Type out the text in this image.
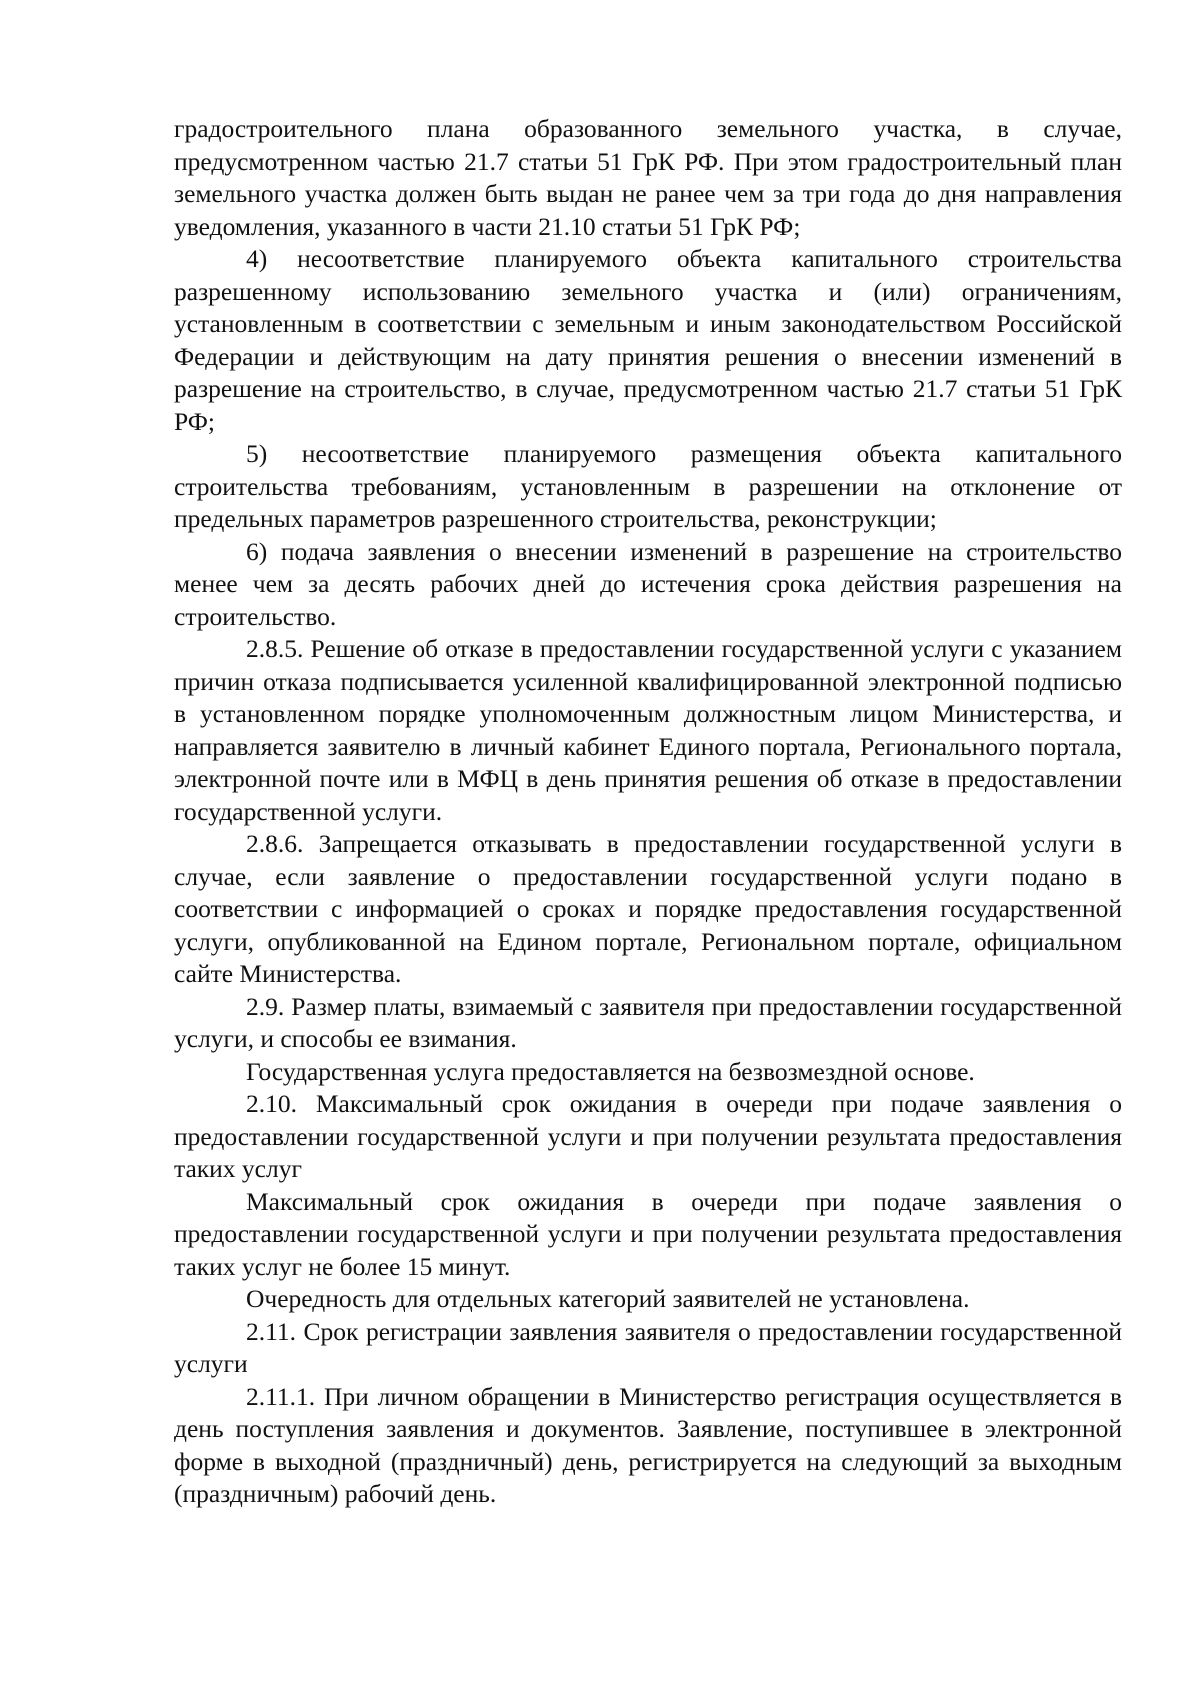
градостроительного плана образованного земельного участка, в случае, предусмотренном частью 21.7 статьи 51 ГрК РФ. При этом градостроительный план земельного участка должен быть выдан не ранее чем за три года до дня направления уведомления, указанного в части 21.10 статьи 51 ГрК РФ;

4) несоответствие планируемого объекта капитального строительства разрешенному использованию земельного участка и (или) ограничениям, установленным в соответствии с земельным и иным законодательством Российской Федерации и действующим на дату принятия решения о внесении изменений в разрешение на строительство, в случае, предусмотренном частью 21.7 статьи 51 ГрК РФ;

5) несоответствие планируемого размещения объекта капитального строительства требованиям, установленным в разрешении на отклонение от предельных параметров разрешенного строительства, реконструкции;

6) подача заявления о внесении изменений в разрешение на строительство менее чем за десять рабочих дней до истечения срока действия разрешения на строительство.

2.8.5. Решение об отказе в предоставлении государственной услуги с указанием причин отказа подписывается усиленной квалифицированной электронной подписью в установленном порядке уполномоченным должностным лицом Министерства, и направляется заявителю в личный кабинет Единого портала, Регионального портала, электронной почте или в МФЦ в день принятия решения об отказе в предоставлении государственной услуги.

2.8.6. Запрещается отказывать в предоставлении государственной услуги в случае, если заявление о предоставлении государственной услуги подано в соответствии с информацией о сроках и порядке предоставления государственной услуги, опубликованной на Едином портале, Региональном портале, официальном сайте Министерства.

2.9. Размер платы, взимаемый с заявителя при предоставлении государственной услуги, и способы ее взимания.

Государственная услуга предоставляется на безвозмездной основе.

2.10. Максимальный срок ожидания в очереди при подаче заявления о предоставлении государственной услуги и при получении результата предоставления таких услуг

Максимальный срок ожидания в очереди при подаче заявления о предоставлении государственной услуги и при получении результата предоставления таких услуг не более 15 минут.

Очередность для отдельных категорий заявителей не установлена.

2.11. Срок регистрации заявления заявителя о предоставлении государственной услуги

2.11.1. При личном обращении в Министерство регистрация осуществляется в день поступления заявления и документов. Заявление, поступившее в электронной форме в выходной (праздничный) день, регистрируется на следующий за выходным (праздничным) рабочий день.
